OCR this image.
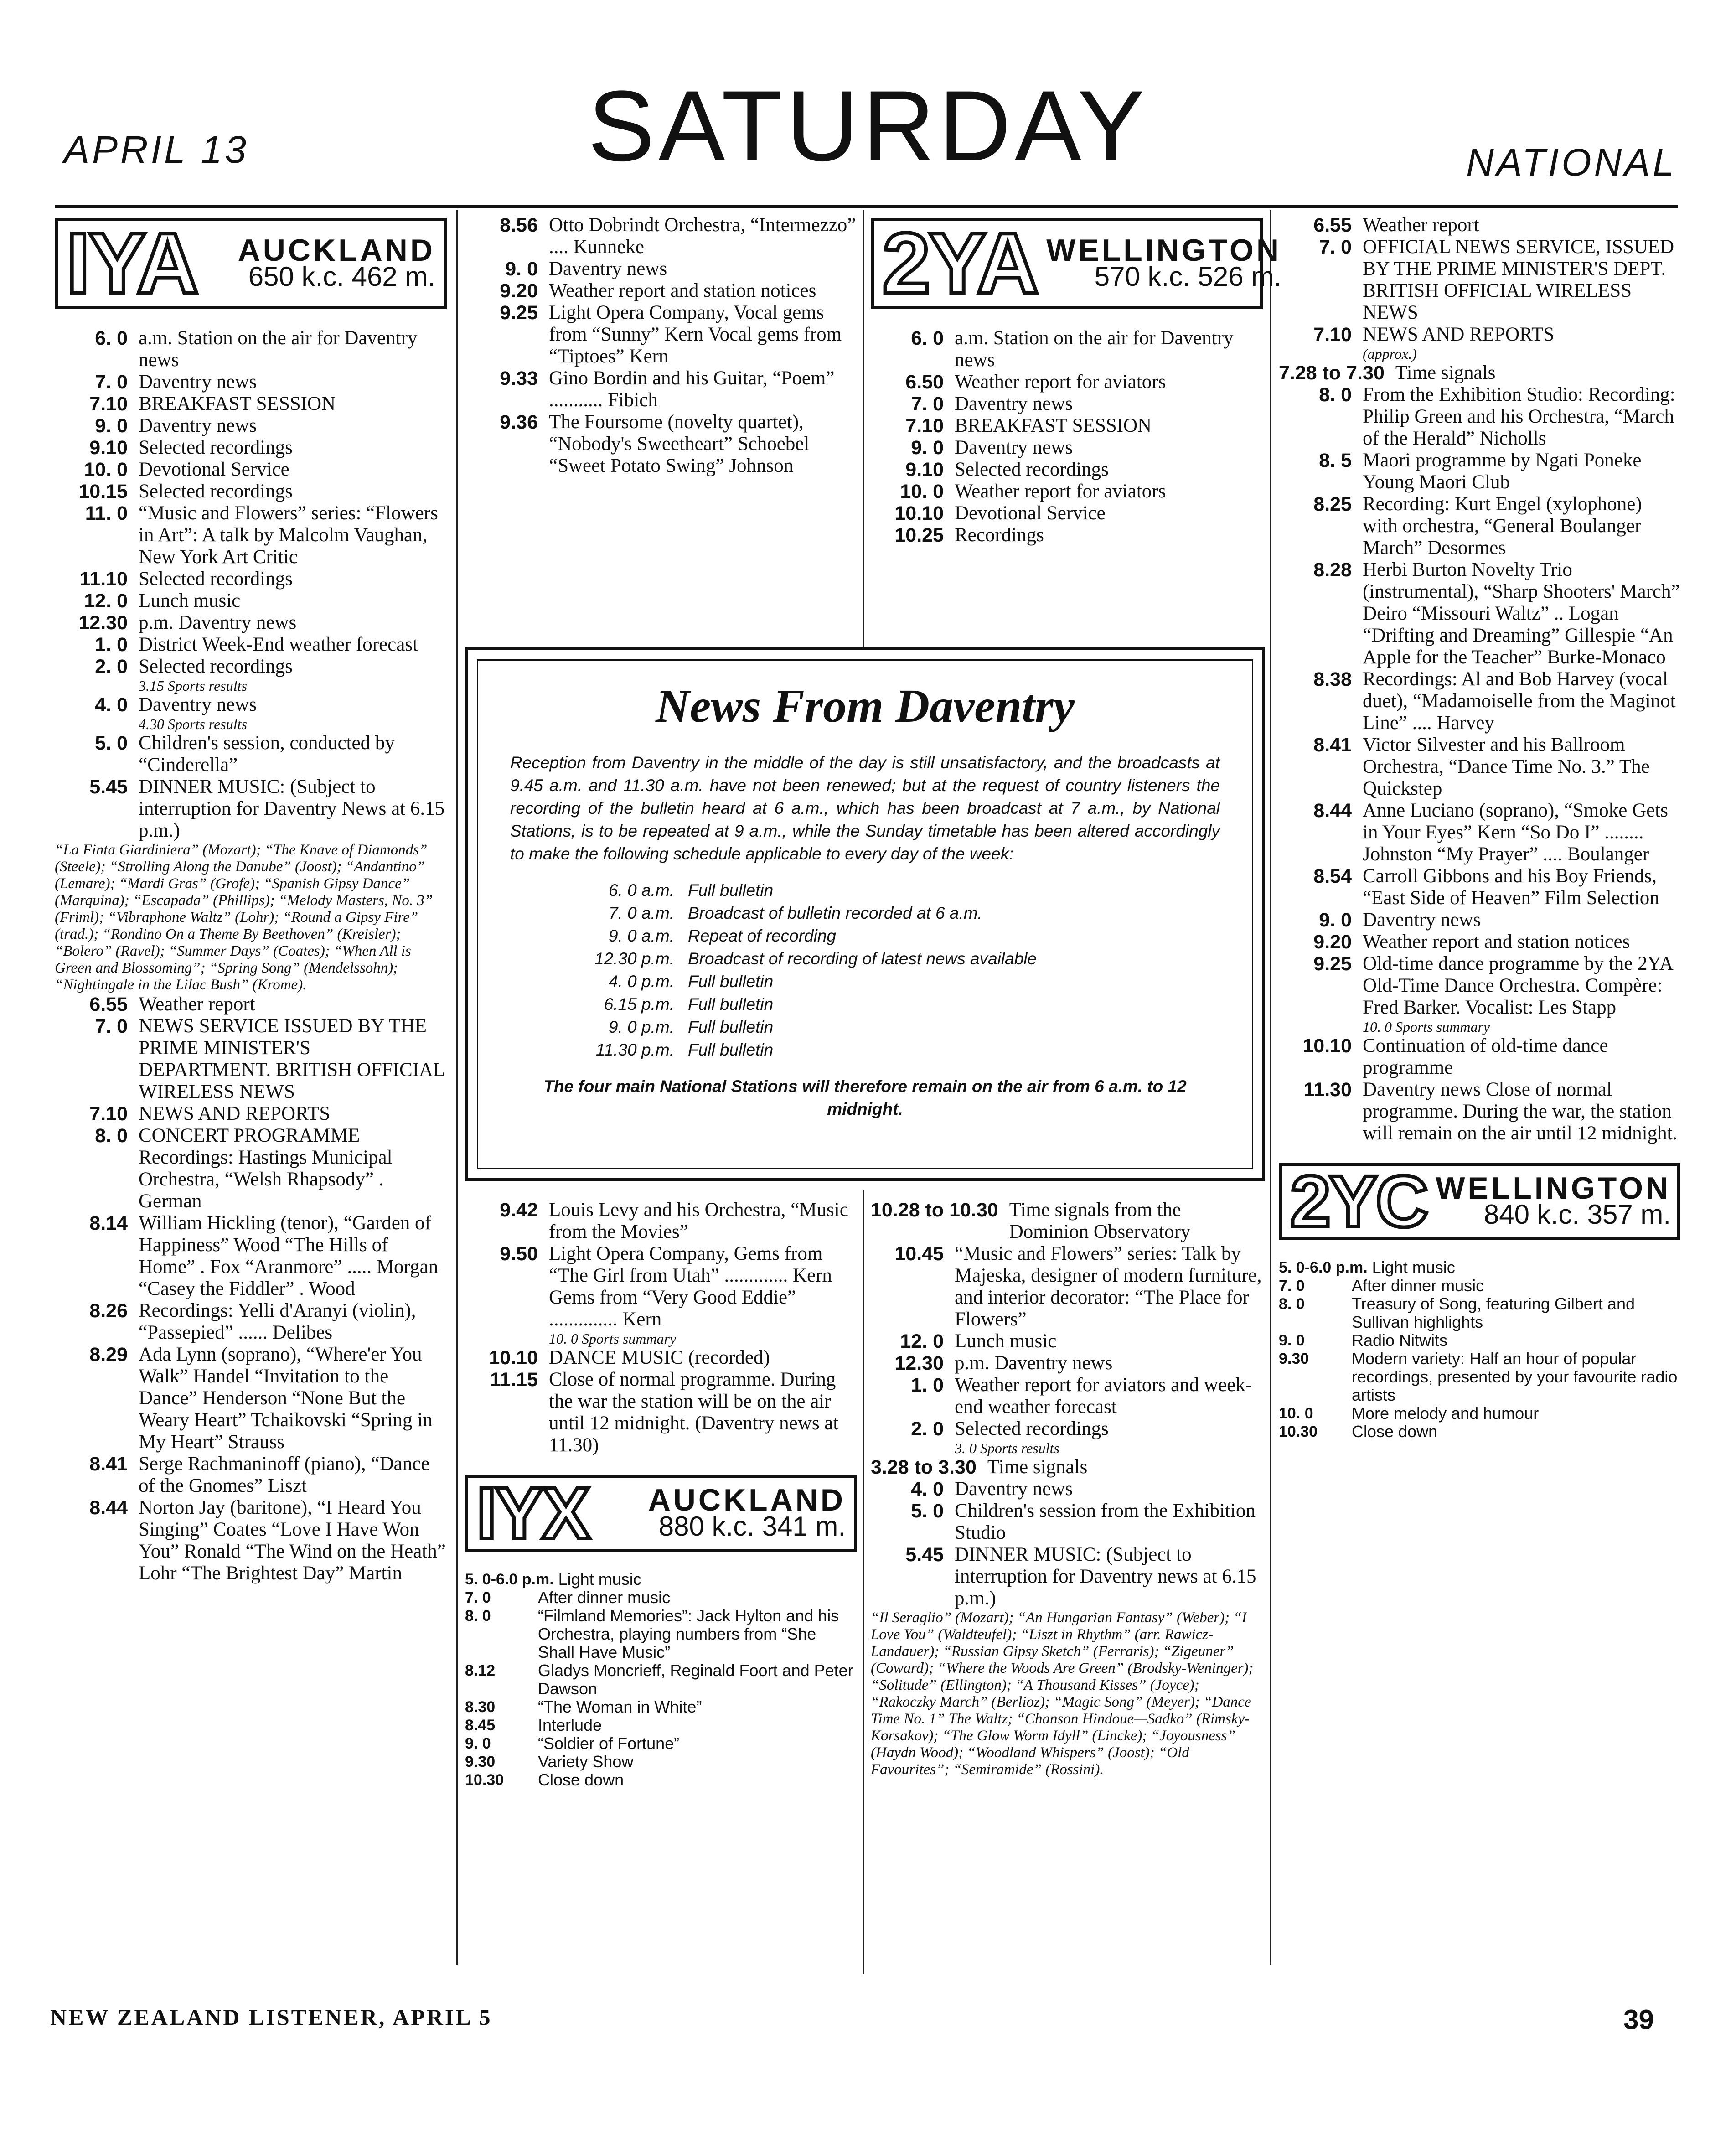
APRIL 13	SATURDAY	NATIONAL
IYA	AUCKLAND
650 k.c. 462 m.
6. 0 a.m. Station on the air for Daventry news
7. 0 Daventry news
7.10 BREAKFAST SESSION
9. 0 Daventry news
9.10 Selected recordings
10. 0 Devotional Service
10.15 Selected recordings
11. 0 “Music and Flowers” series: “Flowers in Art”: A talk by Malcolm Vaughan, New York Art Critic
11.10 Selected recordings
12. 0 Lunch music
12.30 p.m. Daventry news
1. 0 District Week-End weather forecast
2. 0 Selected recordings
3.15 Sports results
4. 0 Daventry news
4.30 Sports results
5. 0 Children's session, conducted by “Cinderella”
5.45 DINNER MUSIC: (Subject to interruption for Daventry News at 6.15 p.m.)
“La Finta Giardiniera” (Mozart); “The Knave of Diamonds” (Steele); “Strolling Along the Danube” (Joost); “Andantino” (Lemare); “Mardi Gras” (Grofe); “Spanish Gipsy Dance” (Marquina); “Escapada” (Phillips); “Melody Masters, No. 3” (Friml); “Vibraphone Waltz” (Lohr); “Round a Gipsy Fire” (trad.); “Rondino On a Theme By Beethoven” (Kreisler); “Bolero” (Ravel); “Summer Days” (Coates); “When All is Green and Blossoming”; “Spring Song” (Mendelssohn); “Nightingale in the Lilac Bush” (Krome).
6.55 Weather report
7. 0 NEWS SERVICE ISSUED BY THE PRIME MINISTER'S DEPARTMENT. BRITISH OFFICIAL WIRELESS NEWS
7.10 NEWS AND REPORTS
8. 0 CONCERT PROGRAMME Recordings: Hastings Municipal Orchestra, “Welsh Rhapsody” . German
8.14 William Hickling (tenor), “Garden of Happiness” Wood “The Hills of Home” . Fox “Aranmore” ..... Morgan “Casey the Fiddler” . Wood
8.26 Recordings: Yelli d'Aranyi (violin), “Passepied” ...... Delibes
8.29 Ada Lynn (soprano), “Where'er You Walk” Handel “Invitation to the Dance” Henderson “None But the Weary Heart” Tchaikovski “Spring in My Heart” Strauss
8.41 Serge Rachmaninoff (piano), “Dance of the Gnomes” Liszt
8.44 Norton Jay (baritone), “I Heard You Singing” Coates “Love I Have Won You” Ronald “The Wind on the Heath” Lohr “The Brightest Day” Martin
8.56 Otto Dobrindt Orchestra, “Intermezzo” .... Kunneke
9. 0 Daventry news
9.20 Weather report and station notices
9.25 Light Opera Company, Vocal gems from “Sunny” Kern Vocal gems from “Tiptoes” Kern
9.33 Gino Bordin and his Guitar, “Poem” ........... Fibich
9.36 The Foursome (novelty quartet), “Nobody's Sweetheart” Schoebel “Sweet Potato Swing” Johnson
2YA WELLINGTON
570 k.c. 526 m.
6. 0 a.m. Station on the air for Daventry news
6.50 Weather report for aviators
7. 0 Daventry news
7.10 BREAKFAST SESSION
9. 0 Daventry news
9.10 Selected recordings
10. 0 Weather report for aviators
10.10 Devotional Service
10.25 Recordings
News From Daventry
Reception from Daventry in the middle of the day is still unsatisfactory, and the broadcasts at 9.45 a.m. and 11.30 a.m. have not been renewed; but at the request of country listeners the recording of the bulletin heard at 6 a.m., which has been broadcast at 7 a.m., by National Stations, is to be repeated at 9 a.m., while the Sunday timetable has been altered accordingly to make the following schedule applicable to every day of the week:
6. 0 a.m. Full bulletin
7. 0 a.m. Broadcast of bulletin recorded at 6 a.m.
9. 0 a.m. Repeat of recording
12.30 p.m. Broadcast of recording of latest news available
4. 0 p.m. Full bulletin
6.15 p.m. Full bulletin
9. 0 p.m. Full bulletin
11.30 p.m. Full bulletin
The four main National Stations will therefore remain on the air from 6 a.m. to 12 midnight.
9.42 Louis Levy and his Orchestra, “Music from the Movies”
9.50 Light Opera Company, Gems from “The Girl from Utah” ............. Kern Gems from “Very Good Eddie” .............. Kern
10. 0 Sports summary
10.10 DANCE MUSIC (recorded)
11.15 Close of normal programme. During the war the station will be on the air until 12 midnight. (Daventry news at 11.30)
IYX	AUCKLAND
880 k.c. 341 m.
5. 0-6.0 p.m. Light music
7. 0	After dinner music
8. 0	“Filmland Memories”: Jack Hylton and his Orchestra, playing numbers from “She Shall Have Music”
8.12	Gladys Moncrieff, Reginald Foort and Peter Dawson
8.30	“The Woman in White”
8.45	Interlude
9. 0	“Soldier of Fortune”
9.30	Variety Show
10.30	Close down
10.28 to 10.30 Time signals from the Dominion Observatory
10.45 “Music and Flowers” series: Talk by Majeska, designer of modern furniture, and interior decorator: “The Place for Flowers”
12. 0 Lunch music
12.30 p.m. Daventry news
1. 0 Weather report for aviators and week-end weather forecast
2. 0 Selected recordings
3. 0 Sports results
3.28 to 3.30 Time signals
4. 0 Daventry news
5. 0 Children's session from the Exhibition Studio
5.45 DINNER MUSIC: (Subject to interruption for Daventry news at 6.15 p.m.)
“Il Seraglio” (Mozart); “An Hungarian Fantasy” (Weber); “I Love You” (Waldteufel); “Liszt in Rhythm” (arr. Rawicz-Landauer); “Russian Gipsy Sketch” (Ferraris); “Zigeuner” (Coward); “Where the Woods Are Green” (Brodsky-Weninger); “Solitude” (Ellington); “A Thousand Kisses” (Joyce); “Rakoczky March” (Berlioz); “Magic Song” (Meyer); “Dance Time No. 1” The Waltz; “Chanson Hindoue—Sadko” (Rimsky-Korsakov); “The Glow Worm Idyll” (Lincke); “Joyousness” (Haydn Wood); “Woodland Whispers” (Joost); “Old Favourites”; “Semiramide” (Rossini).
6.55 Weather report
7. 0 OFFICIAL NEWS SERVICE, ISSUED BY THE PRIME MINISTER'S DEPT. BRITISH OFFICIAL WIRELESS NEWS
7.10 NEWS AND REPORTS
(approx.)
7.28 to 7.30 Time signals
8. 0 From the Exhibition Studio: Recording: Philip Green and his Orchestra, “March of the Herald” Nicholls
8. 5 Maori programme by Ngati Poneke Young Maori Club
8.25 Recording: Kurt Engel (xylophone) with orchestra, “General Boulanger March” Desormes
8.28 Herbi Burton Novelty Trio (instrumental), “Sharp Shooters' March” Deiro “Missouri Waltz” .. Logan “Drifting and Dreaming” Gillespie “An Apple for the Teacher” Burke-Monaco
8.38 Recordings: Al and Bob Harvey (vocal duet), “Madamoiselle from the Maginot Line” .... Harvey
8.41 Victor Silvester and his Ballroom Orchestra, “Dance Time No. 3.” The Quickstep
8.44 Anne Luciano (soprano), “Smoke Gets in Your Eyes” Kern “So Do I” ........ Johnston “My Prayer” .... Boulanger
8.54 Carroll Gibbons and his Boy Friends, “East Side of Heaven” Film Selection
9. 0 Daventry news
9.20 Weather report and station notices
9.25 Old-time dance programme by the 2YA Old-Time Dance Orchestra. Compère: Fred Barker. Vocalist: Les Stapp
10. 0 Sports summary
10.10 Continuation of old-time dance programme
11.30 Daventry news Close of normal programme. During the war, the station will remain on the air until 12 midnight.
2YC WELLINGTON
840 k.c. 357 m.
5. 0-6.0 p.m. Light music
7. 0	After dinner music
8. 0	Treasury of Song, featuring Gilbert and Sullivan highlights
9. 0	Radio Nitwits
9.30	Modern variety: Half an hour of popular recordings, presented by your favourite radio artists
10. 0	More melody and humour
10.30	Close down
NEW ZEALAND LISTENER, APRIL 5	39
